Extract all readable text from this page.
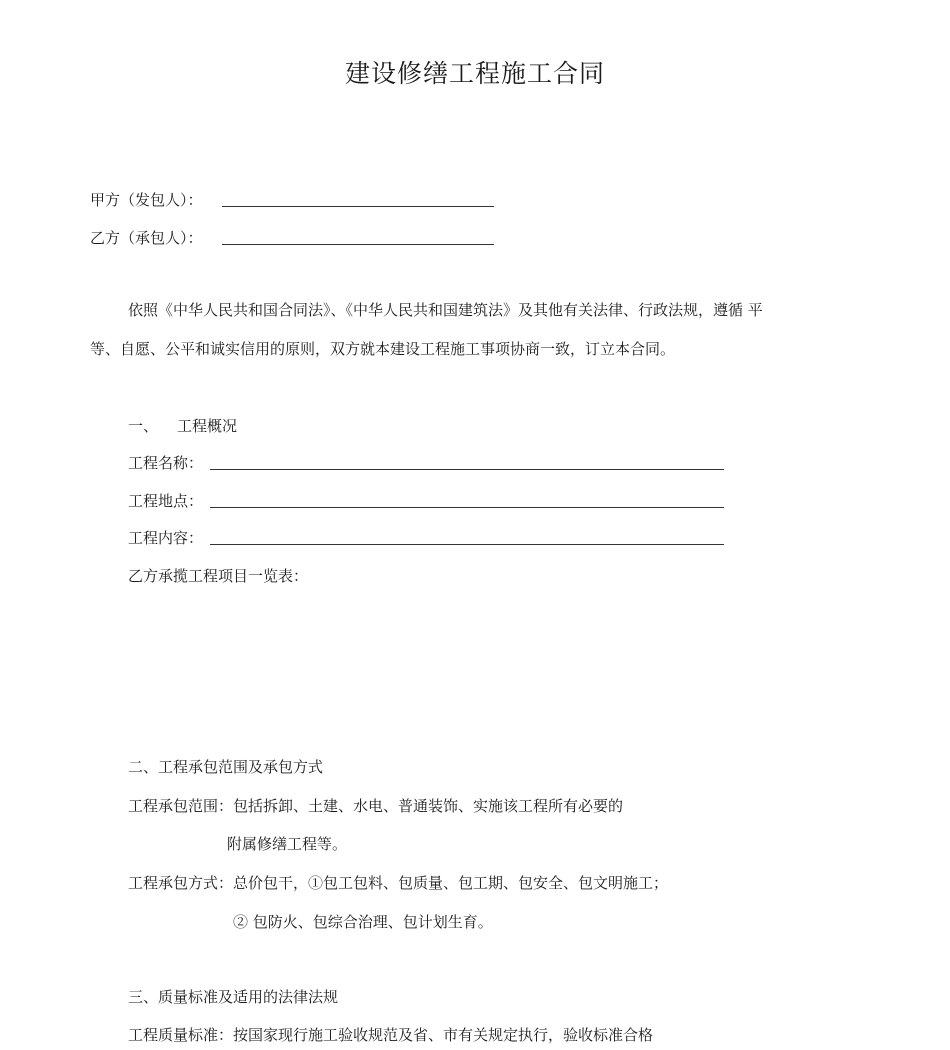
建设修缮工程施工合同
甲方（发包人）：
乙方（承包人）：
依照《中华人民共和国合同法》、《中华人民共和国建筑法》及其他有关法律、行政法规，遵循 平
等、自愿、公平和诚实信用的原则，双方就本建设工程施工事项协商一致，订立本合同。
一、 工程概况
工程名称：
工程地点：
工程内容：
乙方承揽工程项目一览表：
二、工程承包范围及承包方式
工程承包范围：包括拆卸、土建、水电、普通装饰、实施该工程所有必要的
附属修缮工程等。
工程承包方式：总价包干，①包工包料、包质量、包工期、包安全、包文明施工；
② 包防火、包综合治理、包计划生育。
三、质量标准及适用的法律法规
工程质量标准：按国家现行施工验收规范及省、市有关规定执行，验收标准合格
